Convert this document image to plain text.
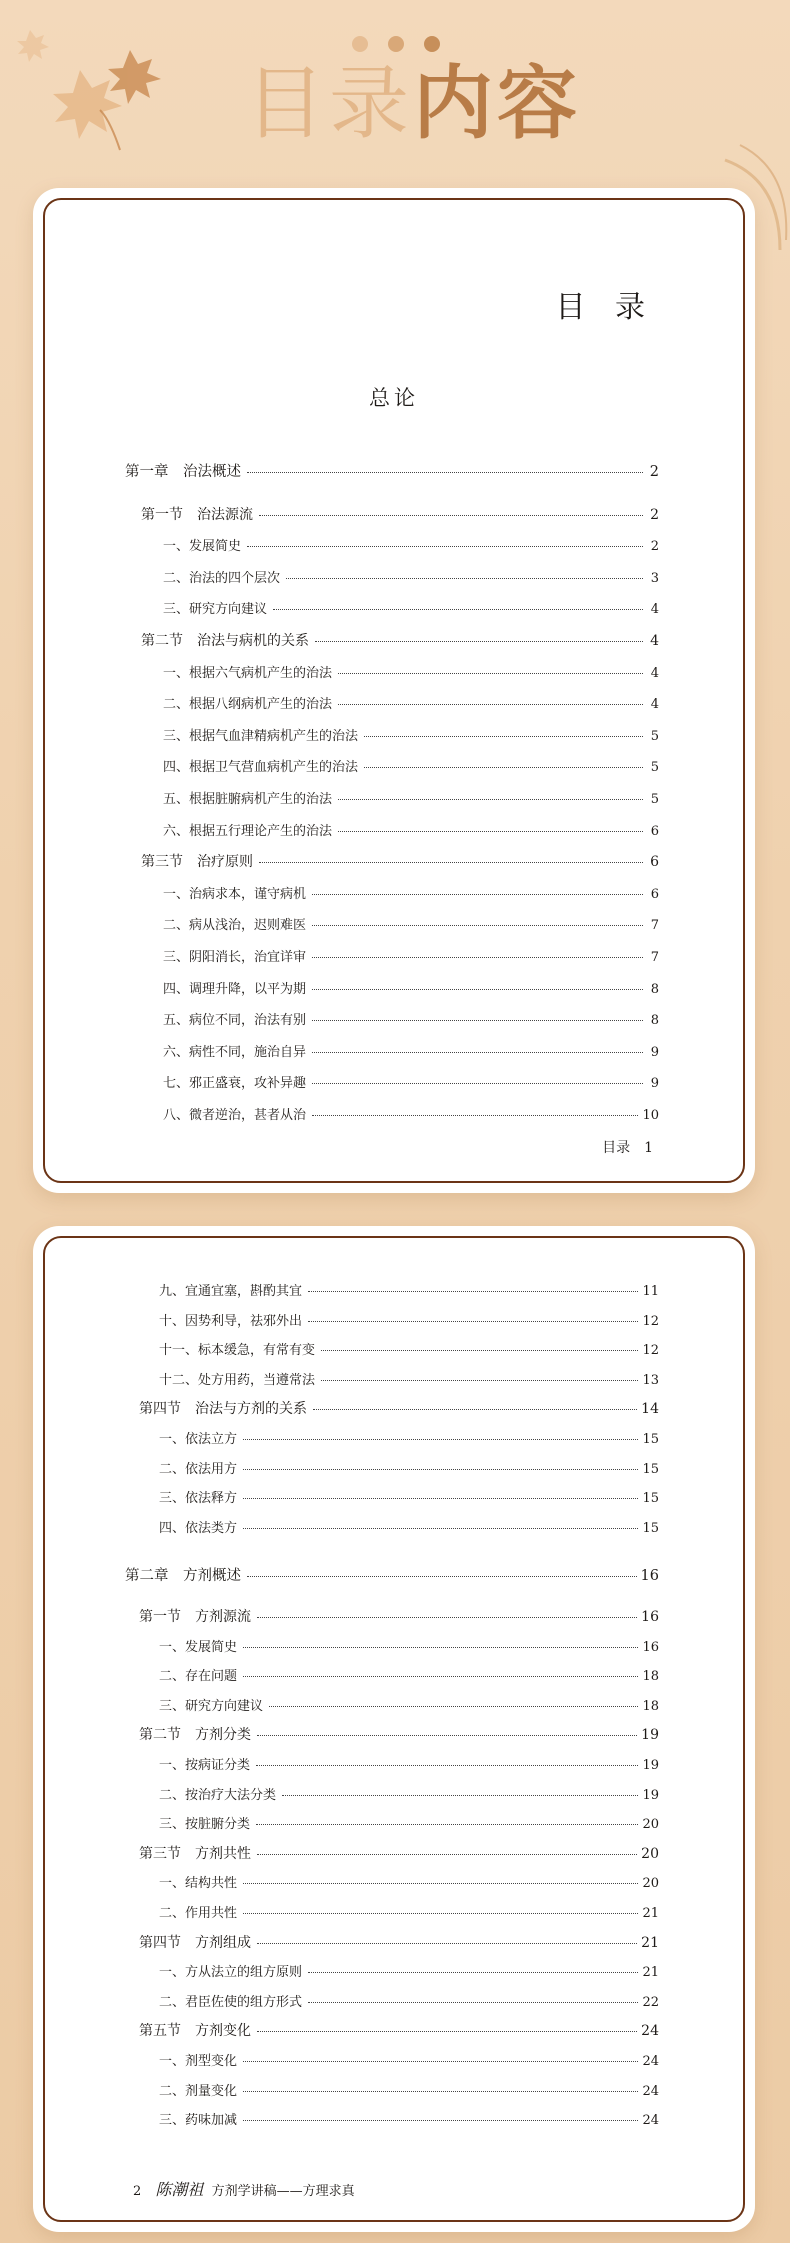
目录内容
目 录
总论
第一章　治法概述	2
第一节　治法源流	2
一、发展简史	2
二、治法的四个层次	3
三、研究方向建议	4
第二节　治法与病机的关系	4
一、根据六气病机产生的治法	4
二、根据八纲病机产生的治法	4
三、根据气血津精病机产生的治法	5
四、根据卫气营血病机产生的治法	5
五、根据脏腑病机产生的治法	5
六、根据五行理论产生的治法	6
第三节　治疗原则	6
一、治病求本，谨守病机	6
二、病从浅治，迟则难医	7
三、阴阳消长，治宜详审	7
四、调理升降，以平为期	8
五、病位不同，治法有别	8
六、病性不同，施治自异	9
七、邪正盛衰，攻补异趣	9
八、微者逆治，甚者从治	10
目录　1
九、宜通宜塞，斟酌其宜	11
十、因势利导，祛邪外出	12
十一、标本缓急，有常有变	12
十二、处方用药，当遵常法	13
第四节　治法与方剂的关系	14
一、依法立方	15
二、依法用方	15
三、依法释方	15
四、依法类方	15
第二章　方剂概述	16
第一节　方剂源流	16
一、发展简史	16
二、存在问题	18
三、研究方向建议	18
第二节　方剂分类	19
一、按病证分类	19
二、按治疗大法分类	19
三、按脏腑分类	20
第三节　方剂共性	20
一、结构共性	20
二、作用共性	21
第四节　方剂组成	21
一、方从法立的组方原则	21
二、君臣佐使的组方形式	22
第五节　方剂变化	24
一、剂型变化	24
二、剂量变化	24
三、药味加减	24
2 陈潮祖 方剂学讲稿——方理求真
